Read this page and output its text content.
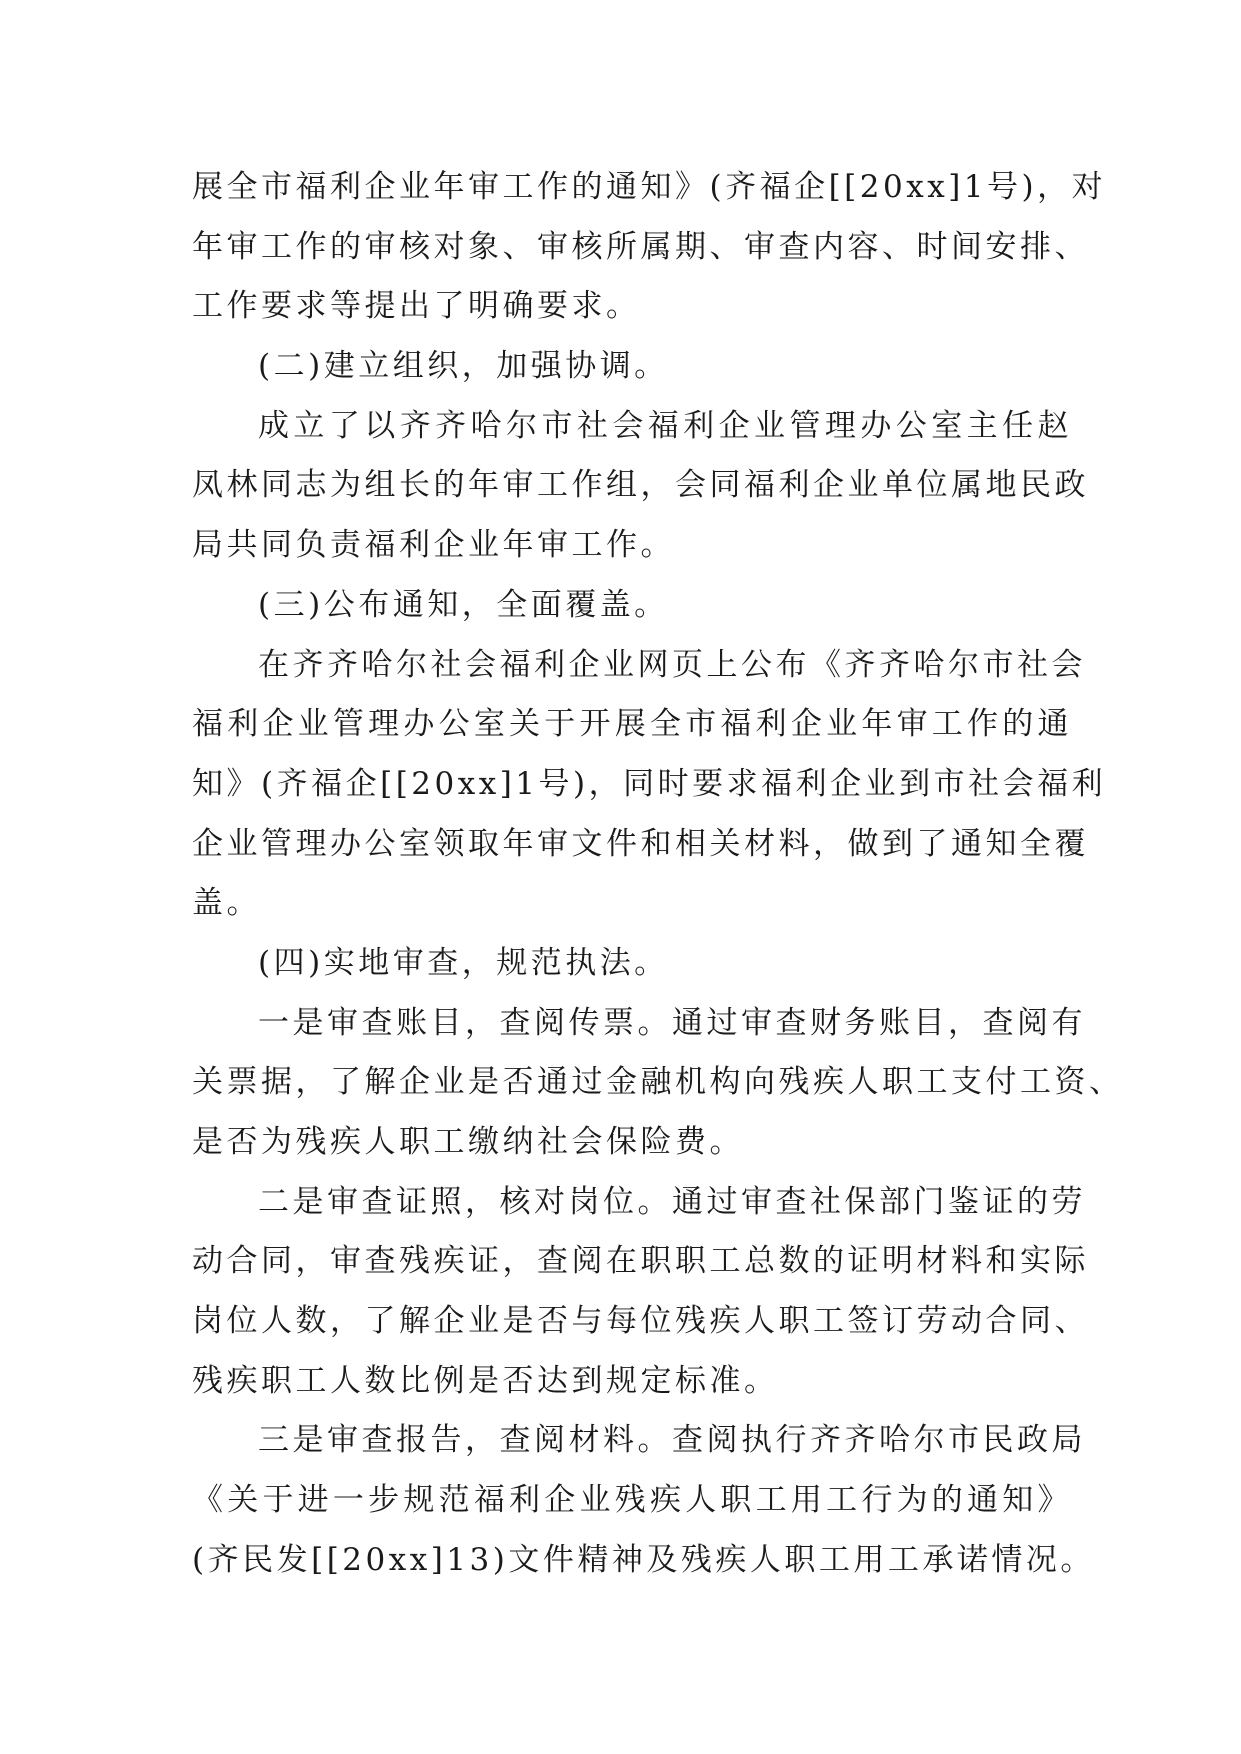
展全市福利企业年审工作的通知》(齐福企[[20xx]1号)，对
年审工作的审核对象、审核所属期、审查内容、时间安排、
工作要求等提出了明确要求。
(二)建立组织，加强协调。
成立了以齐齐哈尔市社会福利企业管理办公室主任赵
凤林同志为组长的年审工作组，会同福利企业单位属地民政
局共同负责福利企业年审工作。
(三)公布通知，全面覆盖。
在齐齐哈尔社会福利企业网页上公布《齐齐哈尔市社会
福利企业管理办公室关于开展全市福利企业年审工作的通
知》(齐福企[[20xx]1号)，同时要求福利企业到市社会福利
企业管理办公室领取年审文件和相关材料，做到了通知全覆
盖。
(四)实地审查，规范执法。
一是审查账目，查阅传票。通过审查财务账目，查阅有
关票据，了解企业是否通过金融机构向残疾人职工支付工资、
是否为残疾人职工缴纳社会保险费。
二是审查证照，核对岗位。通过审查社保部门鉴证的劳
动合同，审查残疾证，查阅在职职工总数的证明材料和实际
岗位人数，了解企业是否与每位残疾人职工签订劳动合同、
残疾职工人数比例是否达到规定标准。
三是审查报告，查阅材料。查阅执行齐齐哈尔市民政局
《关于进一步规范福利企业残疾人职工用工行为的通知》
(齐民发[[20xx]13)文件精神及残疾人职工用工承诺情况。
